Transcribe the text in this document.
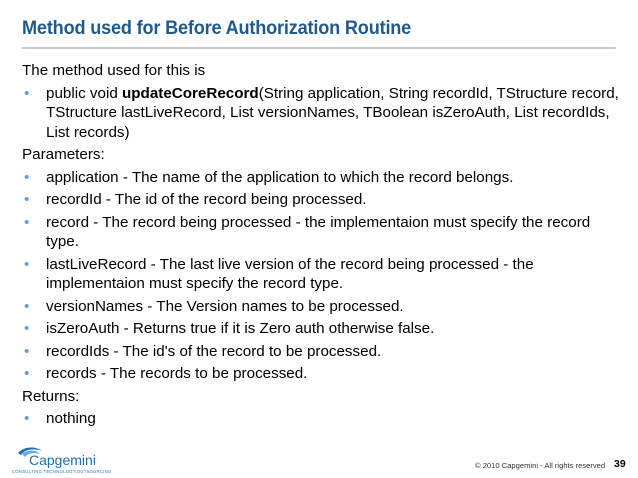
Method used for Before Authorization Routine
The method used for this is
• public void updateCoreRecord(String application, String recordId, TStructure record, TStructure lastLiveRecord, List versionNames, TBoolean isZeroAuth, List recordIds, List records)
Parameters:
• application - The name of the application to which the record belongs.
• recordId - The id of the record being processed.
• record - The record being processed - the implementaion must specify the record type.
• lastLiveRecord - The last live version of the record being processed - the implementaion must specify the record type.
• versionNames - The Version names to be processed.
• isZeroAuth - Returns true if it is Zero auth otherwise false.
• recordIds - The id's of the record to be processed.
• records - The records to be processed.
Returns:
• nothing
Capgemini
CONSULTING.TECHNOLOGY.OUTSOURCING
© 2010 Capgemini - All rights reserved 39
